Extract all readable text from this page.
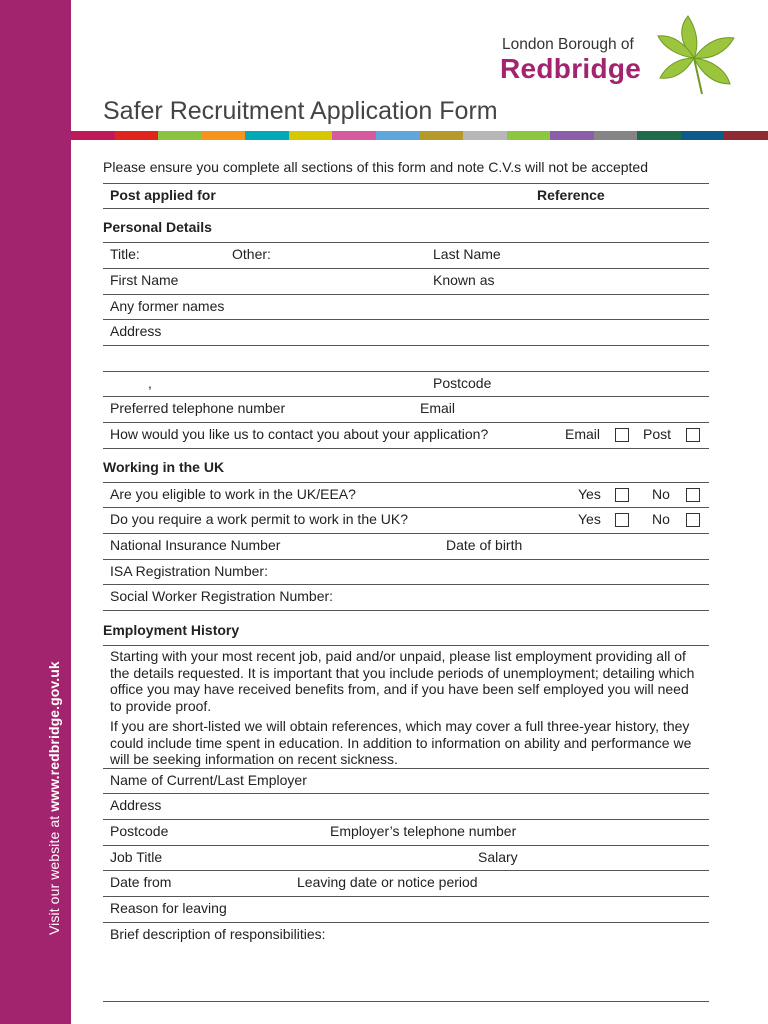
Visit our website at www.redbridge.gov.uk
London Borough of
Redbridge
Safer Recruitment Application Form
Please ensure you complete all sections of this form and note C.V.s will not be accepted
Post applied for	Reference
Personal Details
Title:	Other:	Last Name
First Name	Known as
Any former names
Address
,	Postcode
Preferred telephone number	Email
How would you like us to contact you about your application?	Email	Post
Working in the UK
Are you eligible to work in the UK/EEA?	Yes	No
Do you require a work permit to work in the UK?	Yes	No
National Insurance Number	Date of birth
ISA Registration Number:
Social Worker Registration Number:
Employment History
Starting with your most recent job, paid and/or unpaid, please list employment providing all of the details requested. It is important that you include periods of unemployment; detailing which office you may have received benefits from, and if you have been self employed you will need to provide proof.
If you are short-listed we will obtain references, which may cover a full three-year history, they could include time spent in education. In addition to information on ability and performance we will be seeking information on recent sickness.
Name of Current/Last Employer
Address
Postcode	Employer’s telephone number
Job Title	Salary
Date from	Leaving date or notice period
Reason for leaving
Brief description of responsibilities:
